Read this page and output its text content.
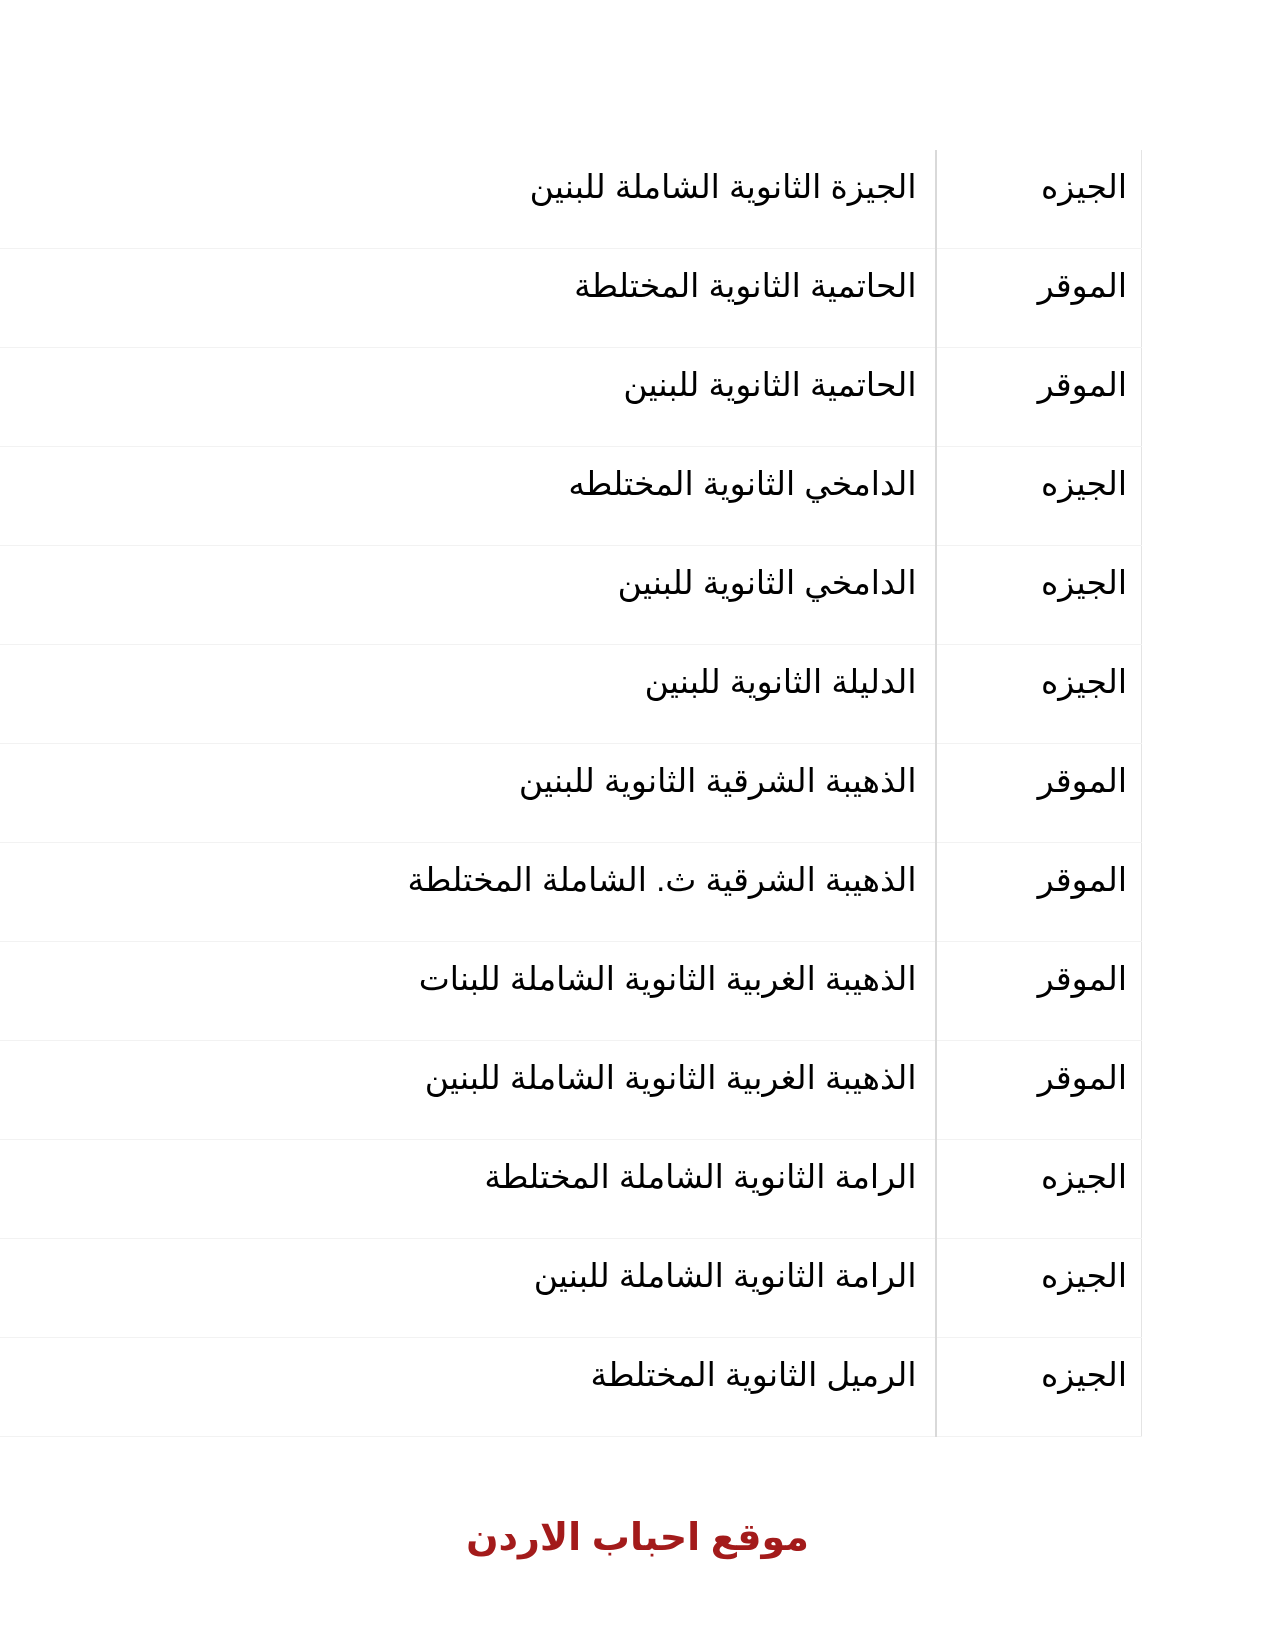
الجيزه	الجيزة الثانوية الشاملة للبنين

الموقر	الحاتمية الثانوية المختلطة

الموقر	الحاتمية الثانوية للبنين

الجيزه	الدامخي الثانوية المختلطه

الجيزه	الدامخي الثانوية للبنين

الجيزه	الدليلة الثانوية للبنين

الموقر	الذهيبة الشرقية الثانوية للبنين

الموقر	الذهيبة الشرقية ث. الشاملة المختلطة

الموقر	الذهيبة الغربية الثانوية الشاملة للبنات

الموقر	الذهيبة الغربية الثانوية الشاملة للبنين

الجيزه	الرامة الثانوية الشاملة المختلطة

الجيزه	الرامة الثانوية الشاملة للبنين

الجيزه	الرميل الثانوية المختلطة
موقع احباب الاردن
